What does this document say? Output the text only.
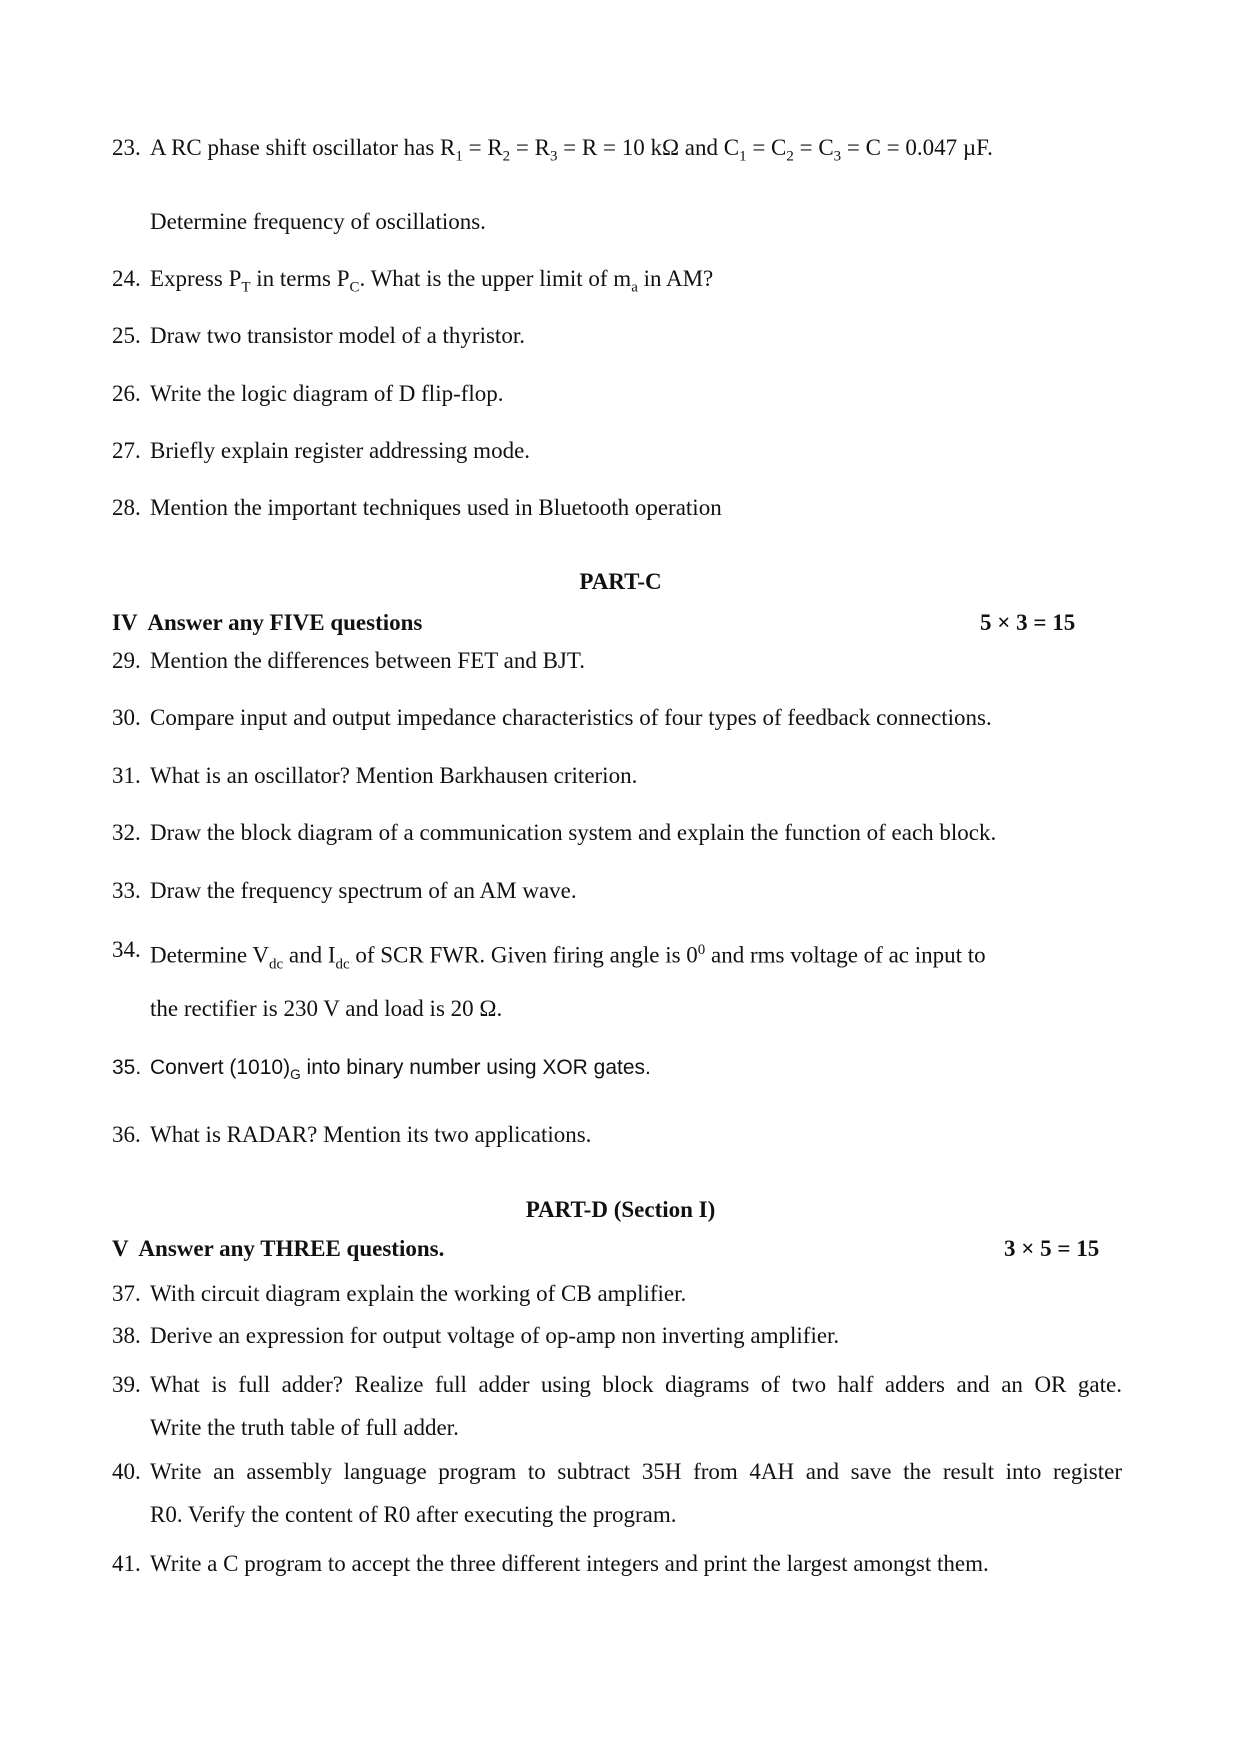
23. A RC phase shift oscillator has $R_1 = R_2 = R_3 = R = 10$ kΩ and $C_1 = C_2 = C_3 = C = 0.047$ µF.
Determine frequency of oscillations.
24. Express $P_T$ in terms $P_C$. What is the upper limit of $m_a$ in AM?
25. Draw two transistor model of a thyristor.
26. Write the logic diagram of D flip-flop.
27. Briefly explain register addressing mode.
28. Mention the important techniques used in Bluetooth operation
PART-C
IV  Answer any FIVE questions	5 × 3 = 15
29. Mention the differences between FET and BJT.
30. Compare input and output impedance characteristics of four types of feedback connections.
31. What is an oscillator? Mention Barkhausen criterion.
32. Draw the block diagram of a communication system and explain the function of each block.
33. Draw the frequency spectrum of an AM wave.
34. Determine $V_{dc}$ and $I_{dc}$ of SCR FWR. Given firing angle is $0^0$ and rms voltage of ac input to
the rectifier is 230 V and load is 20 Ω.
35. Convert $(1010)_G$ into binary number using XOR gates.
36. What is RADAR? Mention its two applications.
PART-D (Section I)
V  Answer any THREE questions.	3 × 5 = 15
37. With circuit diagram explain the working of CB amplifier.
38. Derive an expression for output voltage of op-amp non inverting amplifier.
39. What is full adder? Realize full adder using block diagrams of two half adders and an OR gate.
Write the truth table of full adder.
40. Write an assembly language program to subtract 35H from 4AH and save the result into register
R0. Verify the content of R0 after executing the program.
41. Write a C program to accept the three different integers and print the largest amongst them.
